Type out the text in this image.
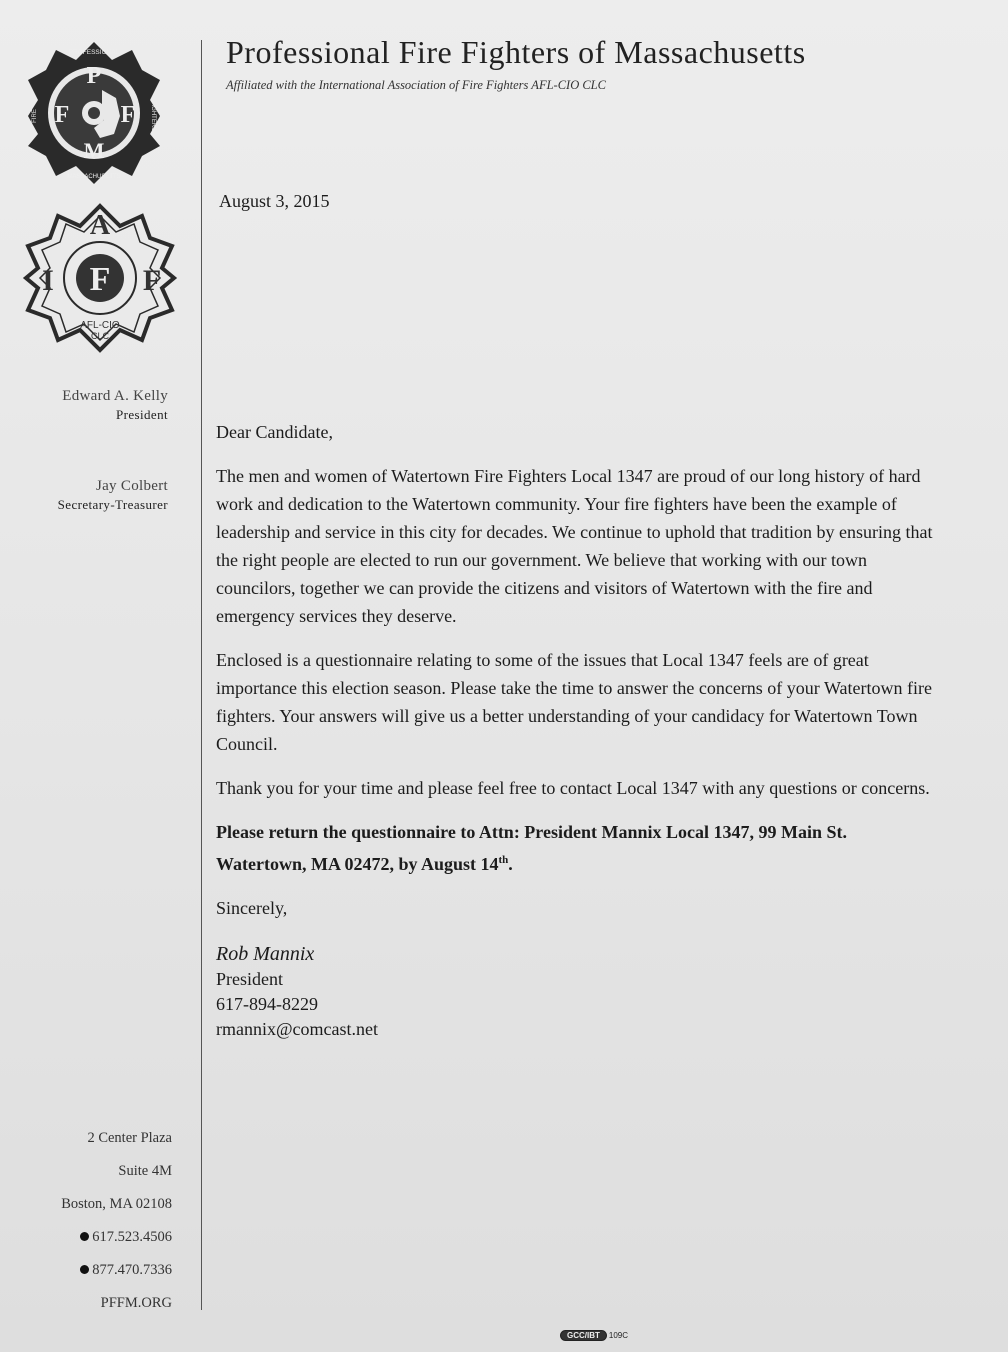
P
F F
M
PROFESSIONAL
MASSACHUSETTS
FIRE	FIGHTERS
F
A
I	F
AFL-CIO
CLC
Professional Fire Fighters of Massachusetts
Affiliated with the International Association of Fire Fighters AFL-CIO CLC
Edward A. Kelly
President
Jay Colbert
Secretary-Treasurer
August 3, 2015
Dear Candidate,

The men and women of Watertown Fire Fighters Local 1347 are proud of our long history of hard work and dedication to the Watertown community. Your fire fighters have been the example of leadership and service in this city for decades. We continue to uphold that tradition by ensuring that the right people are elected to run our government. We believe that working with our town councilors, together we can provide the citizens and visitors of Watertown with the fire and emergency services they deserve.

Enclosed is a questionnaire relating to some of the issues that Local 1347 feels are of great importance this election season. Please take the time to answer the concerns of your Watertown fire fighters. Your answers will give us a better understanding of your candidacy for Watertown Town Council.

Thank you for your time and please feel free to contact Local 1347 with any questions or concerns.

Please return the questionnaire to Attn: President Mannix Local 1347, 99 Main St. Watertown, MA 02472, by August 14th.

Sincerely,
Rob Mannix
President
617-894-8229
rmannix@comcast.net
2 Center Plaza
Suite 4M
Boston, MA 02108
617.523.4506
877.470.7336
PFFM.ORG
GCC/IBT	109C
